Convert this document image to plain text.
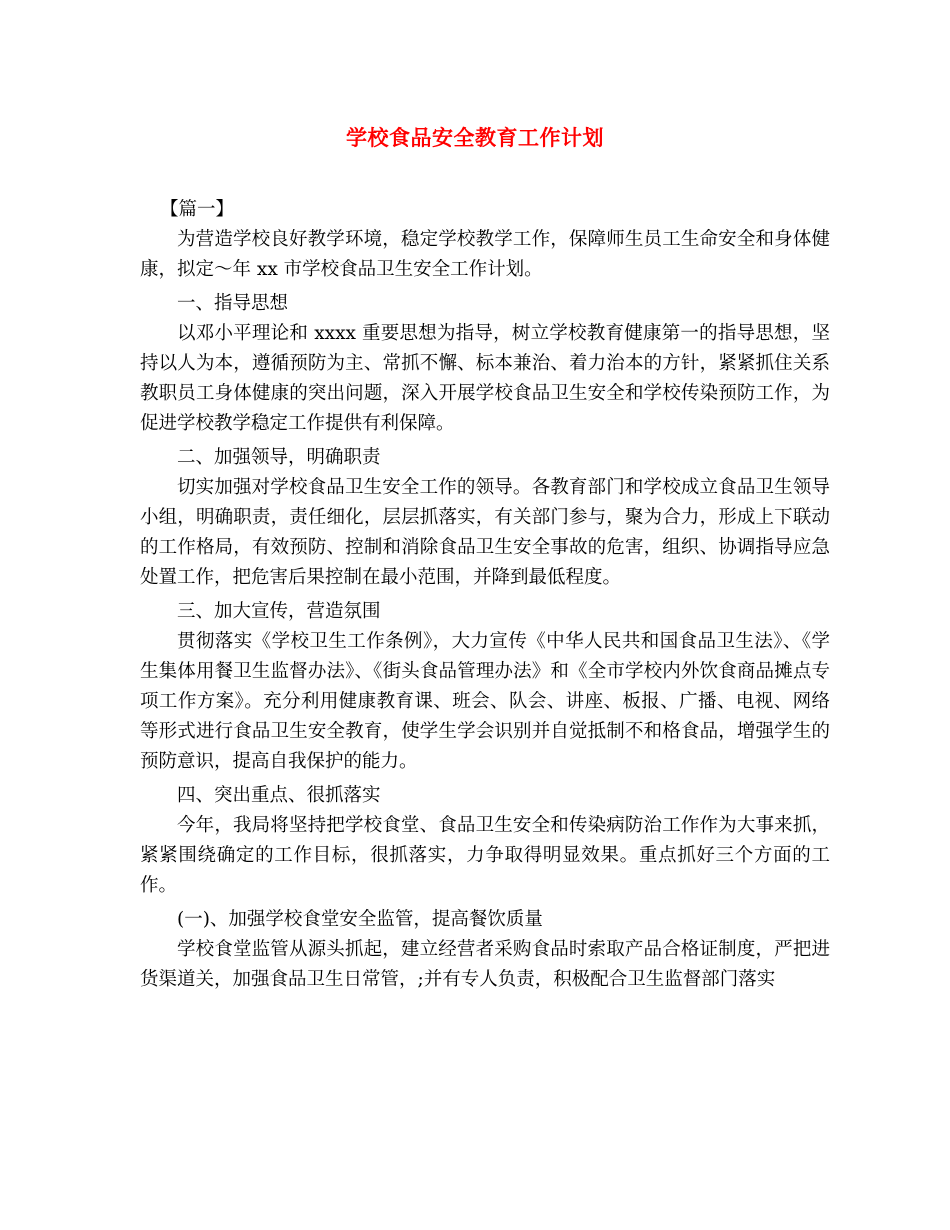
学校食品安全教育工作计划

【篇一】

为营造学校良好教学环境，稳定学校教学工作，保障师生员工生命安全和身体健康，拟定～年 xx 市学校食品卫生安全工作计划。

一、指导思想

以邓小平理论和 xxxx 重要思想为指导，树立学校教育健康第一的指导思想，坚持以人为本，遵循预防为主、常抓不懈、标本兼治、着力治本的方针，紧紧抓住关系教职员工身体健康的突出问题，深入开展学校食品卫生安全和学校传染预防工作，为促进学校教学稳定工作提供有利保障。

二、加强领导，明确职责

切实加强对学校食品卫生安全工作的领导。各教育部门和学校成立食品卫生领导小组，明确职责，责任细化，层层抓落实，有关部门参与，聚为合力，形成上下联动的工作格局，有效预防、控制和消除食品卫生安全事故的危害，组织、协调指导应急处置工作，把危害后果控制在最小范围，并降到最低程度。

三、加大宣传，营造氛围

贯彻落实《学校卫生工作条例》，大力宣传《中华人民共和国食品卫生法》、《学生集体用餐卫生监督办法》、《街头食品管理办法》和《全市学校内外饮食商品摊点专项工作方案》。充分利用健康教育课、班会、队会、讲座、板报、广播、电视、网络等形式进行食品卫生安全教育，使学生学会识别并自觉抵制不和格食品，增强学生的预防意识，提高自我保护的能力。

四、突出重点、很抓落实

今年，我局将坚持把学校食堂、食品卫生安全和传染病防治工作作为大事来抓，紧紧围绕确定的工作目标，很抓落实，力争取得明显效果。重点抓好三个方面的工作。

(一)、加强学校食堂安全监管，提高餐饮质量

学校食堂监管从源头抓起，建立经营者采购食品时索取产品合格证制度，严把进货渠道关，加强食品卫生日常管，;并有专人负责，积极配合卫生监督部门落实
